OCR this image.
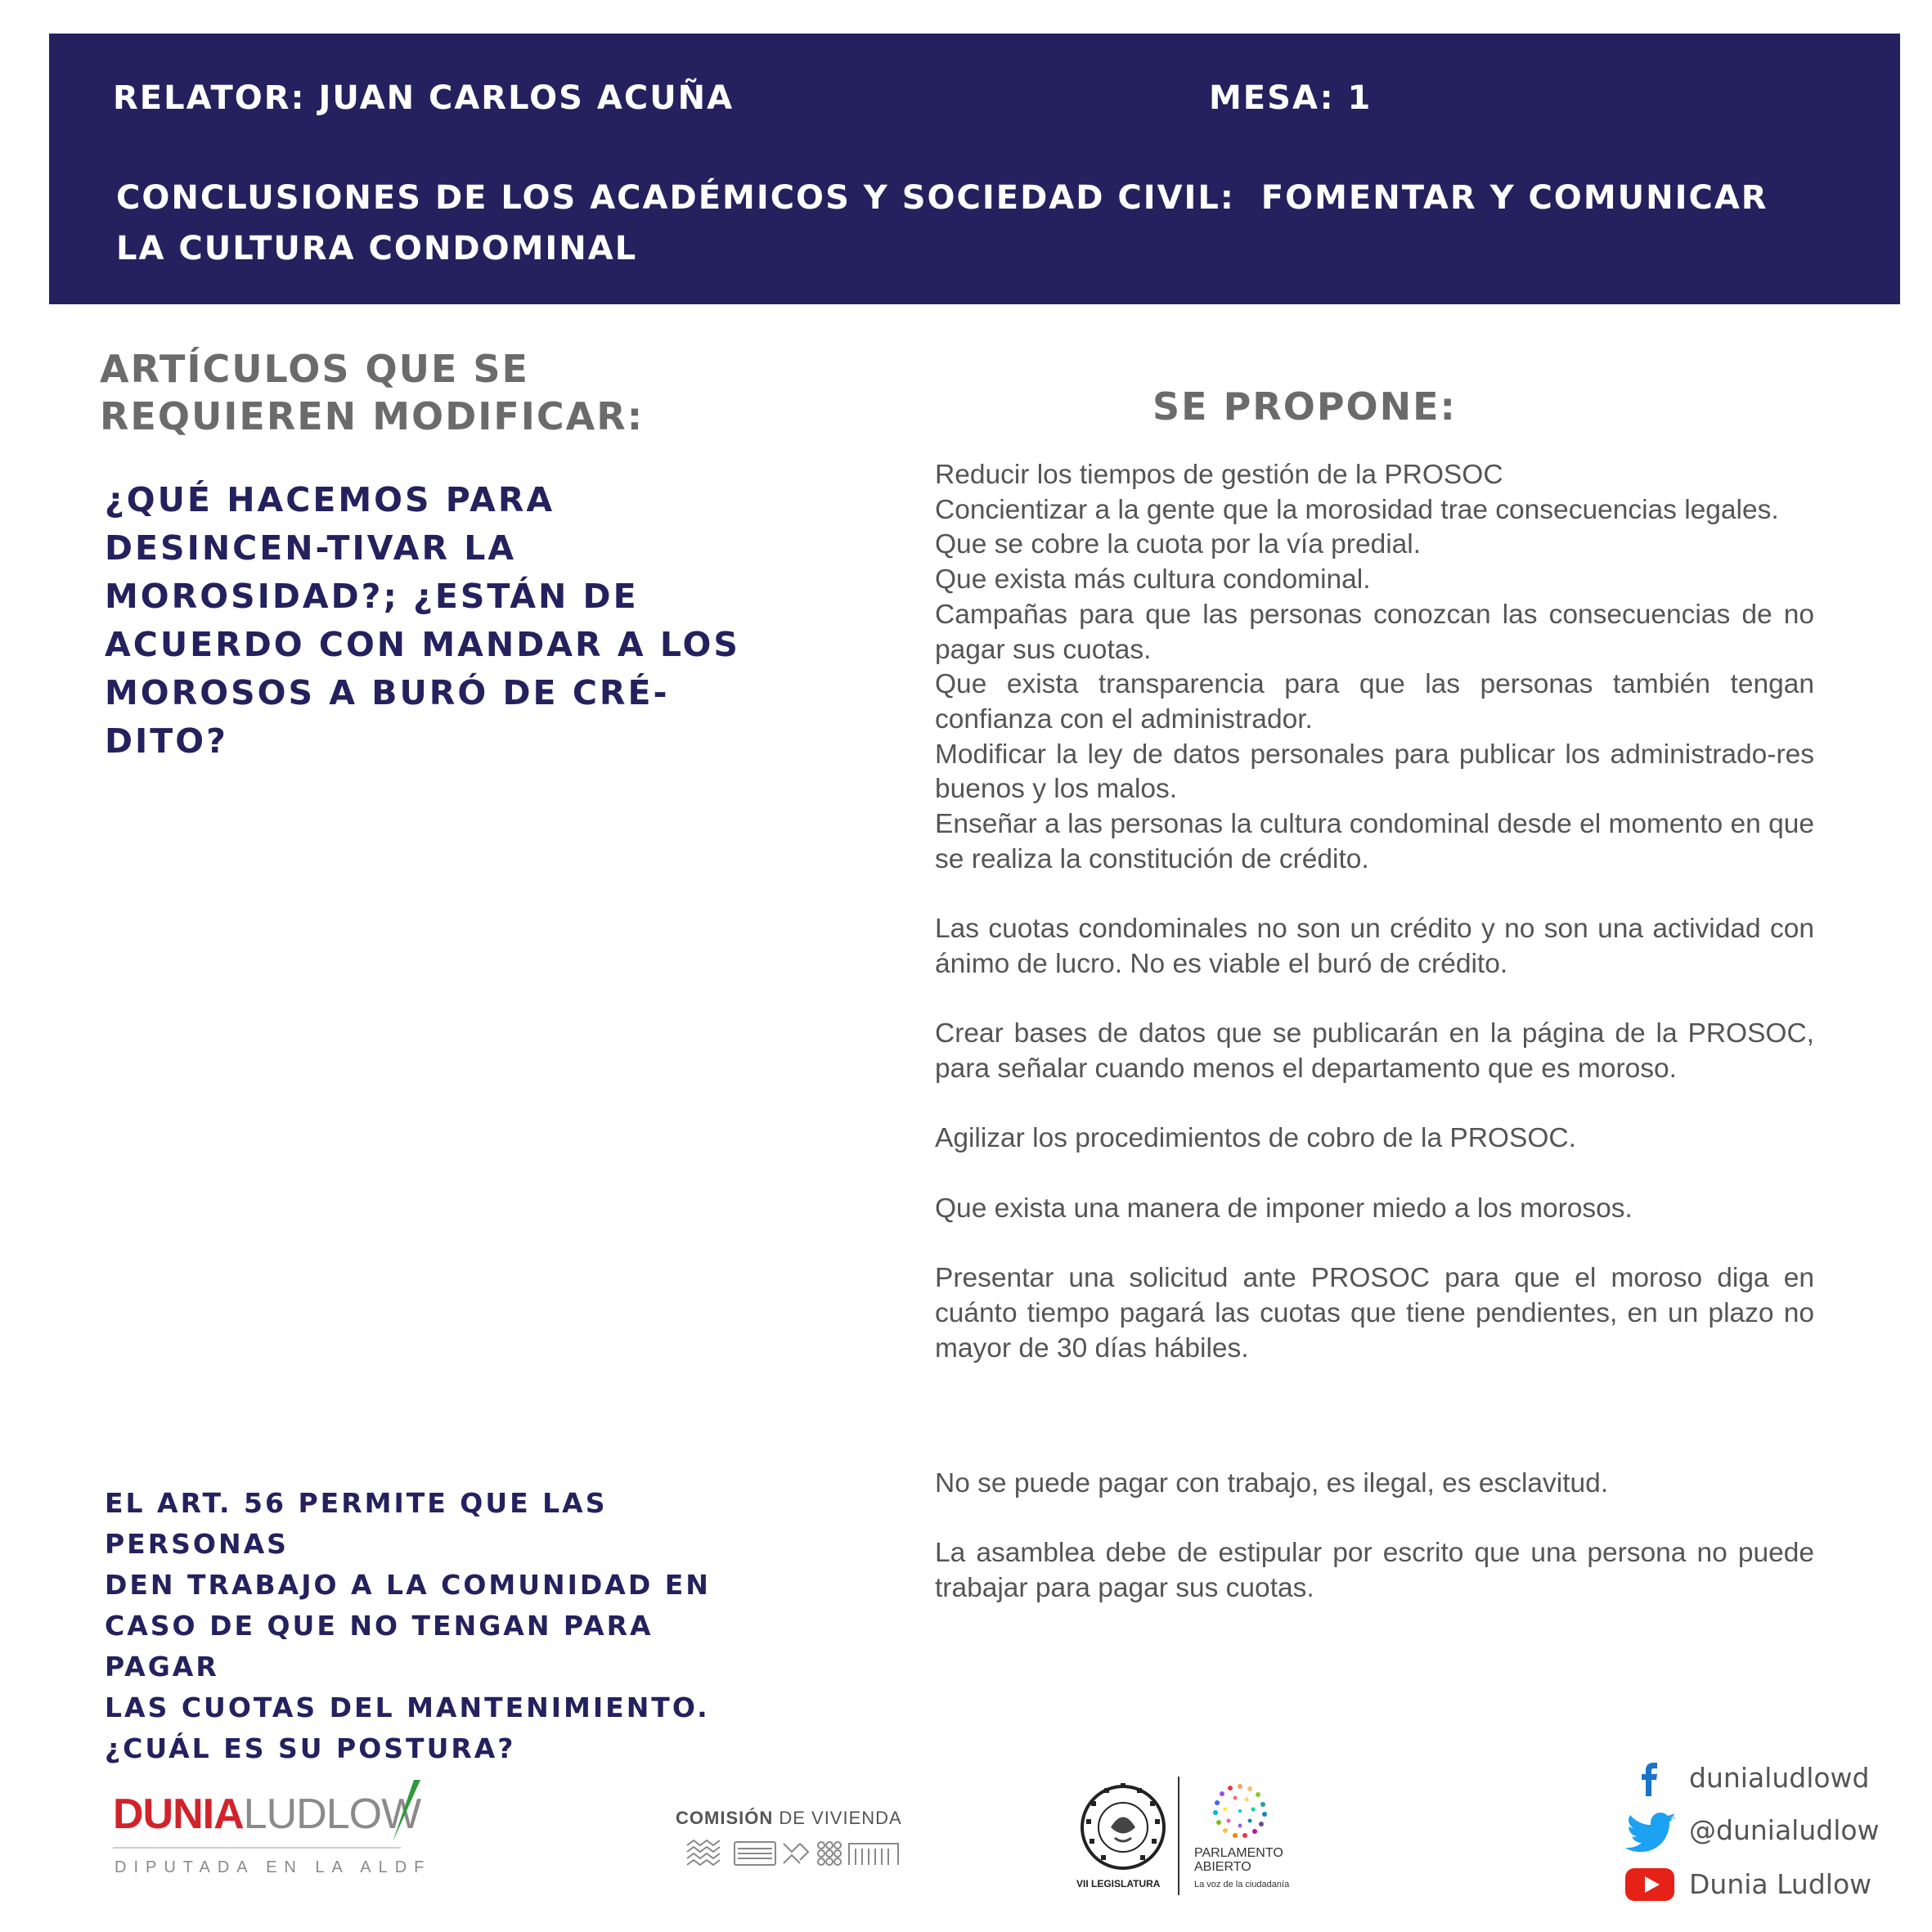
RELATOR: JUAN CARLOS ACUÑA	MESA: 1
CONCLUSIONES DE LOS ACADÉMICOS Y SOCIEDAD CIVIL:  FOMENTAR Y COMUNICAR
LA CULTURA CONDOMINAL
ARTÍCULOS QUE SE
REQUIEREN MODIFICAR:	SE PROPONE:
¿QUÉ HACEMOS PARA DESINCEN-TIVAR LA MOROSIDAD?; ¿ESTÁN DE ACUERDO CON MANDAR A LOS MOROSOS A BURÓ DE CRÉ-DITO?
EL ART. 56 PERMITE QUE LAS PERSONAS
DEN TRABAJO A LA COMUNIDAD EN
CASO DE QUE NO TENGAN PARA PAGAR
LAS CUOTAS DEL MANTENIMIENTO.
¿CUÁL ES SU POSTURA?

Reducir los tiempos de gestión de la PROSOC

Concientizar a la gente que la morosidad trae consecuencias legales.

Que se cobre la cuota por la vía predial.

Que exista más cultura condominal.

Campañas para que las personas conozcan las consecuencias de no pagar sus cuotas.

Que exista transparencia para que las personas también tengan confianza con el administrador.

Modificar la ley de datos personales para publicar los administrado-res buenos y los malos.

Enseñar a las personas la cultura condominal desde el momento en que se realiza la constitución de crédito.

Las cuotas condominales no son un crédito y no son una actividad con ánimo de lucro. No es viable el buró de crédito.

Crear bases de datos que se publicarán en la página de la PROSOC, para señalar cuando menos el departamento que es moroso.

Agilizar los procedimientos de cobro de la PROSOC.

Que exista una manera de imponer miedo a los morosos.

Presentar una solicitud ante PROSOC para que el moroso diga en cuánto tiempo pagará las cuotas que tiene pendientes, en un plazo no mayor de 30 días hábiles.

No se puede pagar con trabajo, es ilegal, es esclavitud.

La asamblea debe de estipular por escrito que una persona no puede trabajar para pagar sus cuotas.

DUNIALUDLOW
DIPUTADA EN LA ALDF
COMISIÓN DE VIVIENDA
VII LEGISLATURA
PARLAMENTO
ABIERTO
La voz de la ciudadanía
dunialudlowd
@dunialudlow
Dunia Ludlow
